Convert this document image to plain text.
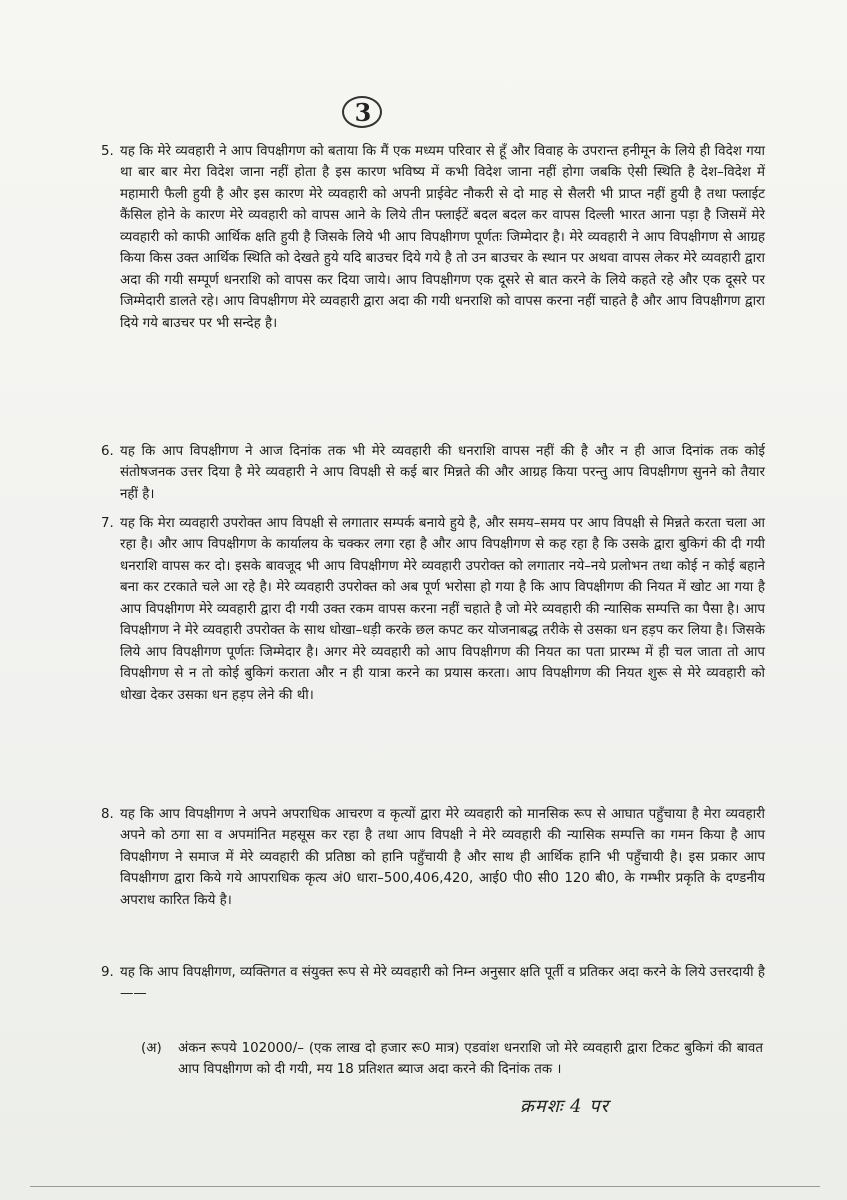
3
5. यह कि मेरे व्यवहारी ने आप विपक्षीगण को बताया कि मैं एक मध्यम परिवार से हूँ और विवाह के उपरान्त हनीमून के लिये ही विदेश गया था बार बार मेरा विदेश जाना नहीं होता है इस कारण भविष्य में कभी विदेश जाना नहीं होगा जबकि ऐसी स्थिति है देश–विदेश में महामारी फैली हुयी है और इस कारण मेरे व्यवहारी को अपनी प्राईवेट नौकरी से दो माह से सैलरी भी प्राप्त नहीं हुयी है तथा फ्लाईट कैंसिल होने के कारण मेरे व्यवहारी को वापस आने के लिये तीन फ्लाईटें बदल बदल कर वापस दिल्ली भारत आना पड़ा है जिसमें मेरे व्यवहारी को काफी आर्थिक क्षति हुयी है जिसके लिये भी आप विपक्षीगण पूर्णतः जिम्मेदार है। मेरे व्यवहारी ने आप विपक्षीगण से आग्रह किया किस उक्त आर्थिक स्थिति को देखते हुये यदि बाउचर दिये गये है तो उन बाउचर के स्थान पर अथवा वापस लेकर मेरे व्यवहारी द्वारा अदा की गयी सम्पूर्ण धनराशि को वापस कर दिया जाये। आप विपक्षीगण एक दूसरे से बात करने के लिये कहते रहे और एक दूसरे पर जिम्मेदारी डालते रहे। आप विपक्षीगण मेरे व्यवहारी द्वारा अदा की गयी धनराशि को वापस करना नहीं चाहते है और आप विपक्षीगण द्वारा दिये गये बाउचर पर भी सन्देह है।
6. यह कि आप विपक्षीगण ने आज दिनांक तक भी मेरे व्यवहारी की धनराशि वापस नहीं की है और न ही आज दिनांक तक कोई संतोषजनक उत्तर दिया है मेरे व्यवहारी ने आप विपक्षी से कई बार मिन्नते की और आग्रह किया परन्तु आप विपक्षीगण सुनने को तैयार नहीं है।
7. यह कि मेरा व्यवहारी उपरोक्त आप विपक्षी से लगातार सम्पर्क बनाये हुये है, और समय–समय पर आप विपक्षी से मिन्नते करता चला आ रहा है। और आप विपक्षीगण के कार्यालय के चक्कर लगा रहा है और आप विपक्षीगण से कह रहा है कि उसके द्वारा बुकिगं की दी गयी धनराशि वापस कर दो। इसके बावजूद भी आप विपक्षीगण मेरे व्यवहारी उपरोक्त को लगातार नये–नये प्रलोभन तथा कोई न कोई बहाने बना कर टरकाते चले आ रहे है। मेरे व्यवहारी उपरोक्त को अब पूर्ण भरोसा हो गया है कि आप विपक्षीगण की नियत में खोट आ गया है आप विपक्षीगण मेरे व्यवहारी द्वारा दी गयी उक्त रकम वापस करना नहीं चहाते है जो मेरे व्यवहारी की न्यासिक सम्पत्ति का पैसा है। आप विपक्षीगण ने मेरे व्यवहारी उपरोक्त के साथ धोखा–धड़ी करके छल कपट कर योजनाबद्ध तरीके से उसका धन हड़प कर लिया है। जिसके लिये आप विपक्षीगण पूर्णतः जिम्मेदार है। अगर मेरे व्यवहारी को आप विपक्षीगण की नियत का पता प्रारम्भ में ही चल जाता तो आप विपक्षीगण से न तो कोई बुकिगं कराता और न ही यात्रा करने का प्रयास करता। आप विपक्षीगण की नियत शुरू से मेरे व्यवहारी को धोखा देकर उसका धन हड़प लेने की थी।
8. यह कि आप विपक्षीगण ने अपने अपराधिक आचरण व कृत्यों द्वारा मेरे व्यवहारी को मानसिक रूप से आघात पहुँचाया है मेरा व्यवहारी अपने को ठगा सा व अपमांनित महसूस कर रहा है तथा आप विपक्षी ने मेरे व्यवहारी की न्यासिक सम्पत्ति का गमन किया है आप विपक्षीगण ने समाज में मेरे व्यवहारी की प्रतिष्ठा को हानि पहुँचायी है और साथ ही आर्थिक हानि भी पहुँचायी है। इस प्रकार आप विपक्षीगण द्वारा किये गये आपराधिक कृत्य अं0 धारा–500,406,420, आई0 पी0 सी0 120 बी0, के गम्भीर प्रकृति के दण्डनीय अपराध कारित किये है।
9. यह कि आप विपक्षीगण, व्यक्तिगत व संयुक्त रूप से मेरे व्यवहारी को निम्न अनुसार क्षति पूर्ती व प्रतिकर अदा करने के लिये उत्तरदायी है——
(अ) अंकन रूपये 102000/– (एक लाख दो हजार रू0 मात्र) एडवांश धनराशि जो मेरे व्यवहारी द्वारा टिकट बुकिगं की बावत आप विपक्षीगण को दी गयी, मय 18 प्रतिशत ब्याज अदा करने की दिनांक तक ।
क्रमशः 4 पर
